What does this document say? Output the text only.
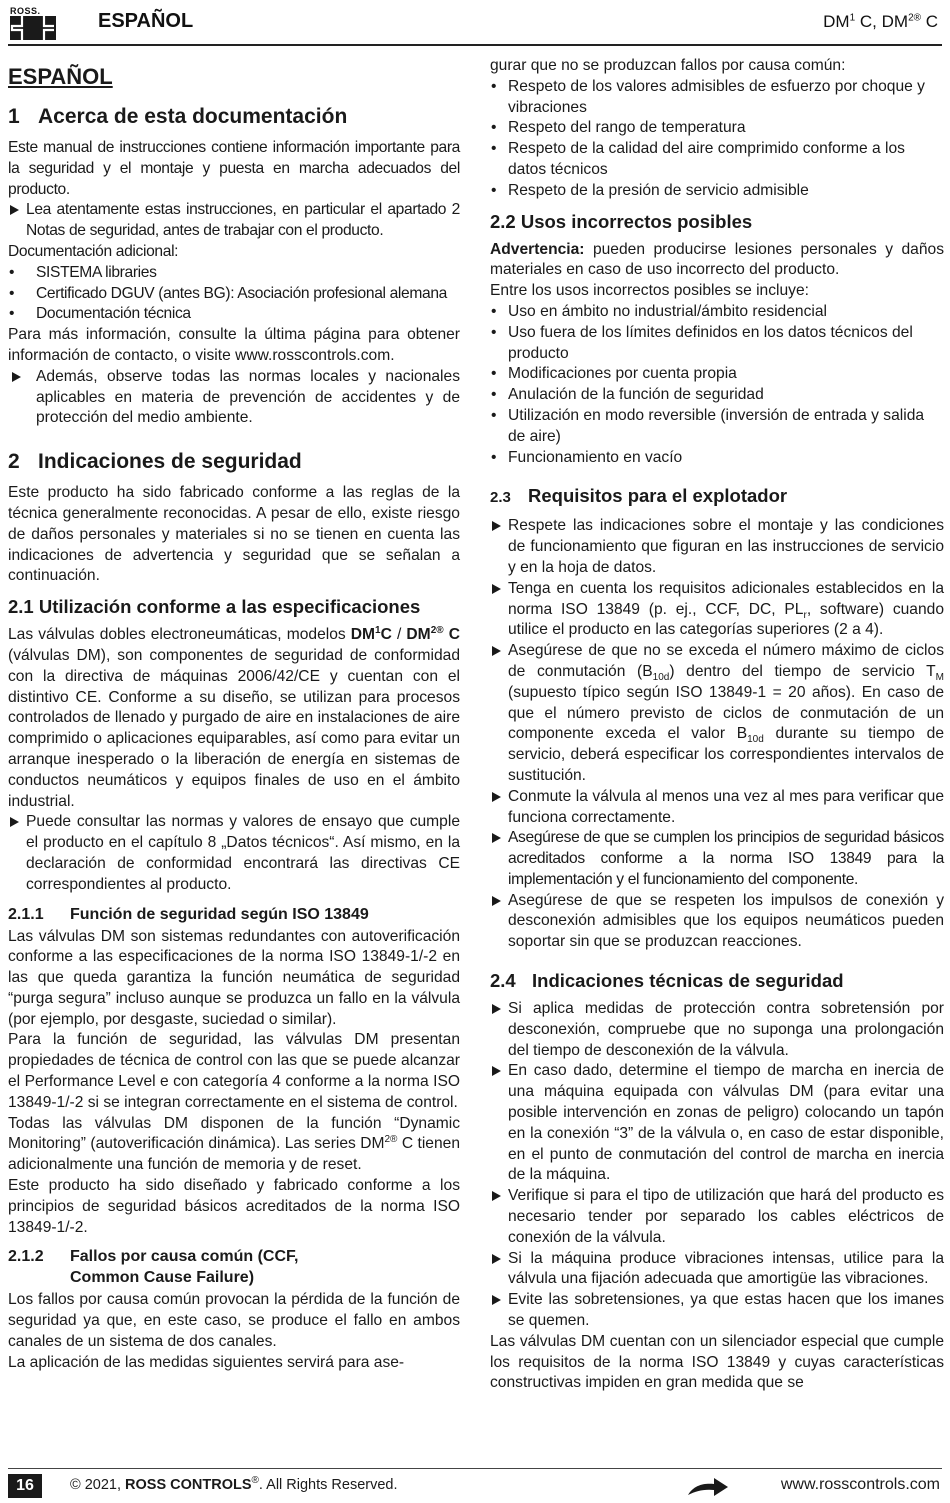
ROSS.	ESPAÑOL	$DM^1$ C, $DM^{2®}$ C
ESPAÑOL
1 Acerca de esta documentación

Este manual de instrucciones contiene información importante para la seguridad y el montaje y puesta en marcha adecuados del producto.

Lea atentamente estas instrucciones, en particular el apartado 2 Notas de seguridad, antes de trabajar con el producto.

Documentación adicional:

• SISTEMA libraries
• Certificado DGUV (antes BG): Asociación profesional alemana
• Documentación técnica

Para más información, consulte la última página para obtener información de contacto, o visite www.rosscontrols.com.

Además, observe todas las normas locales y nacionales aplicables en materia de prevención de accidentes y de protección del medio ambiente.
2 Indicaciones de seguridad

Este producto ha sido fabricado conforme a las reglas de la técnica generalmente reconocidas. A pesar de ello, existe riesgo de daños personales y materiales si no se tienen en cuenta las indicaciones de advertencia y seguridad que se señalan a continuación.

2.1 Utilización conforme a las especificaciones

Las válvulas dobles electroneumáticas, modelos $DM^1C / DM^{2®}$ C (válvulas DM), son componentes de seguridad de conformidad con la directiva de máquinas 2006/42/CE y cuentan con el distintivo CE. Conforme a su diseño, se utilizan para procesos controlados de llenado y purgado de aire en instalaciones de aire comprimido o aplicaciones equiparables, así como para evitar un arranque inesperado o la liberación de energía en sistemas de conductos neumáticos y equipos finales de uso en el ámbito industrial.

Puede consultar las normas y valores de ensayo que cumple el producto en el capítulo 8 „Datos técnicos“. Así mismo, en la declaración de conformidad encontrará las directivas CE correspondientes al producto.
2.1.1 Función de seguridad según ISO 13849

Las válvulas DM son sistemas redundantes con autoverificación conforme a las especificaciones de la norma ISO 13849-1/-2 en las que queda garantiza la función neumática de seguridad “purga segura” incluso aunque se produzca un fallo en la válvula (por ejemplo, por desgaste, suciedad o similar).

Para la función de seguridad, las válvulas DM presentan propiedades de técnica de control con las que se puede alcanzar el Performance Level e con categoría 4 conforme a la norma ISO 13849-1/-2 si se integran correctamente en el sistema de control.

Todas las válvulas DM disponen de la función “Dynamic Monitoring” (autoverificación dinámica). Las series $DM^{2®}$ C tienen adicionalmente una función de memoria y de reset.

Este producto ha sido diseñado y fabricado conforme a los principios de seguridad básicos acreditados de la norma ISO 13849-1/-2.

2.1.2 Fallos por causa común (CCF,
Common Cause Failure)

Los fallos por causa común provocan la pérdida de la función de seguridad ya que, en este caso, se produce el fallo en ambos canales de un sistema de dos canales.

La aplicación de las medidas siguientes servirá para ase-

gurar que no se produzcan fallos por causa común:

• Respeto de los valores admisibles de esfuerzo por choque y vibraciones
• Respeto del rango de temperatura
• Respeto de la calidad del aire comprimido conforme a los datos técnicos
• Respeto de la presión de servicio admisible
2.2 Usos incorrectos posibles

Advertencia: pueden producirse lesiones personales y daños materiales en caso de uso incorrecto del producto.

Entre los usos incorrectos posibles se incluye:

• Uso en ámbito no industrial/ámbito residencial
• Uso fuera de los límites definidos en los datos técnicos del producto
• Modificaciones por cuenta propia
• Anulación de la función de seguridad
• Utilización en modo reversible (inversión de entrada y salida de aire)
• Funcionamiento en vacío
2.3 Requisitos para el explotador
Respete las indicaciones sobre el montaje y las condiciones de funcionamiento que figuran en las instrucciones de servicio y en la hoja de datos.
Tenga en cuenta los requisitos adicionales establecidos en la norma ISO 13849 (p. ej., CCF, DC, $PL_r$, software) cuando utilice el producto en las categorías superiores (2 a 4).
Asegúrese de que no se exceda el número máximo de ciclos de conmutación $(B_{10d})$ dentro del tiempo de servicio $T_M$ (supuesto típico según ISO 13849-1 = 20 años). En caso de que el número previsto de ciclos de conmutación de un componente exceda el valor $B_{10d}$ durante su tiempo de servicio, deberá especificar los correspondientes intervalos de sustitución.
Conmute la válvula al menos una vez al mes para verificar que funciona correctamente.
Asegúrese de que se cumplen los principios de seguridad básicos acreditados conforme a la norma ISO 13849 para la implementación y el funcionamiento del componente.
Asegúrese de que se respeten los impulsos de conexión y desconexión admisibles que los equipos neumáticos pueden soportar sin que se produzcan reacciones.
2.4 Indicaciones técnicas de seguridad
Si aplica medidas de protección contra sobretensión por desconexión, compruebe que no suponga una prolongación del tiempo de desconexión de la válvula.
En caso dado, determine el tiempo de marcha en inercia de una máquina equipada con válvulas DM (para evitar una posible intervención en zonas de peligro) colocando un tapón en la conexión “3” de la válvula o, en caso de estar disponible, en el punto de conmutación del control de marcha en inercia de la máquina.
Verifique si para el tipo de utilización que hará del producto es necesario tender por separado los cables eléctricos de conexión de la válvula.
Si la máquina produce vibraciones intensas, utilice para la válvula una fijación adecuada que amortigüe las vibraciones.
Evite las sobretensiones, ya que estas hacen que los imanes se quemen.

Las válvulas DM cuentan con un silenciador especial que cumple los requisitos de la norma ISO 13849 y cuyas características constructivas impiden en gran medida que se

16	© 2021, ROSS CONTROLS®. All Rights Reserved.	www.rosscontrols.com
